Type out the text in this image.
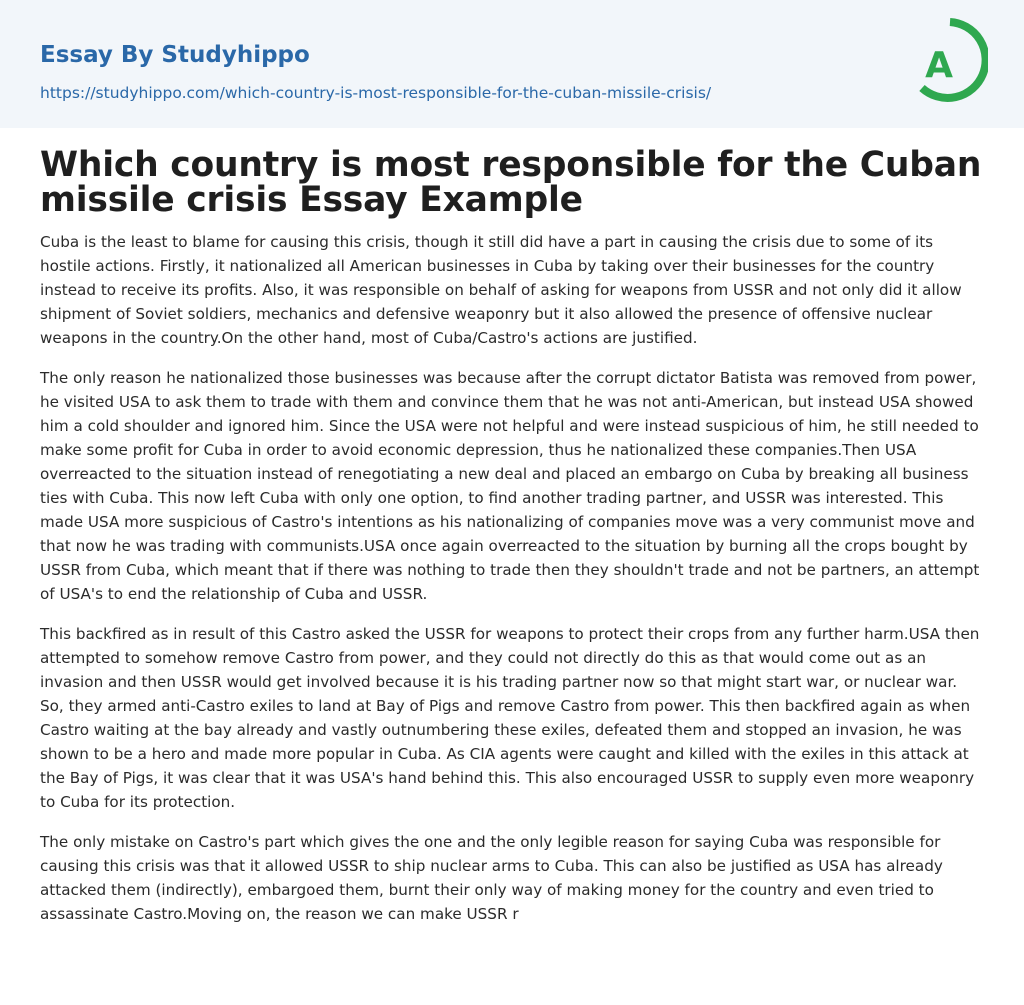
Essay By Studyhippo
https://studyhippo.com/which-country-is-most-responsible-for-the-cuban-missile-crisis/
A
Which country is most responsible for the Cuban missile crisis Essay Example

Cuba is the least to blame for causing this crisis, though it still did have a part in causing the crisis due to some of its hostile actions. Firstly, it nationalized all American businesses in Cuba by taking over their businesses for the country instead to receive its profits. Also, it was responsible on behalf of asking for weapons from USSR and not only did it allow shipment of Soviet soldiers, mechanics and defensive weaponry but it also allowed the presence of offensive nuclear weapons in the country.On the other hand, most of Cuba/Castro's actions are justified.

The only reason he nationalized those businesses was because after the corrupt dictator Batista was removed from power, he visited USA to ask them to trade with them and convince them that he was not anti-American, but instead USA showed him a cold shoulder and ignored him. Since the USA were not helpful and were instead suspicious of him, he still needed to make some profit for Cuba in order to avoid economic depression, thus he nationalized these companies.Then USA overreacted to the situation instead of renegotiating a new deal and placed an embargo on Cuba by breaking all business ties with Cuba. This now left Cuba with only one option, to find another trading partner, and USSR was interested. This made USA more suspicious of Castro's intentions as his nationalizing of companies move was a very communist move and that now he was trading with communists.USA once again overreacted to the situation by burning all the crops bought by USSR from Cuba, which meant that if there was nothing to trade then they shouldn't trade and not be partners, an attempt of USA's to end the relationship of Cuba and USSR.

This backfired as in result of this Castro asked the USSR for weapons to protect their crops from any further harm.USA then attempted to somehow remove Castro from power, and they could not directly do this as that would come out as an invasion and then USSR would get involved because it is his trading partner now so that might start war, or nuclear war. So, they armed anti-Castro exiles to land at Bay of Pigs and remove Castro from power. This then backfired again as when Castro waiting at the bay already and vastly outnumbering these exiles, defeated them and stopped an invasion, he was shown to be a hero and made more popular in Cuba. As CIA agents were caught and killed with the exiles in this attack at the Bay of Pigs, it was clear that it was USA's hand behind this. This also encouraged USSR to supply even more weaponry to Cuba for its protection.

The only mistake on Castro's part which gives the one and the only legible reason for saying Cuba was responsible for causing this crisis was that it allowed USSR to ship nuclear arms to Cuba. This can also be justified as USA has already attacked them (indirectly), embargoed them, burnt their only way of making money for the country and even tried to assassinate Castro.Moving on, the reason we can make USSR r
